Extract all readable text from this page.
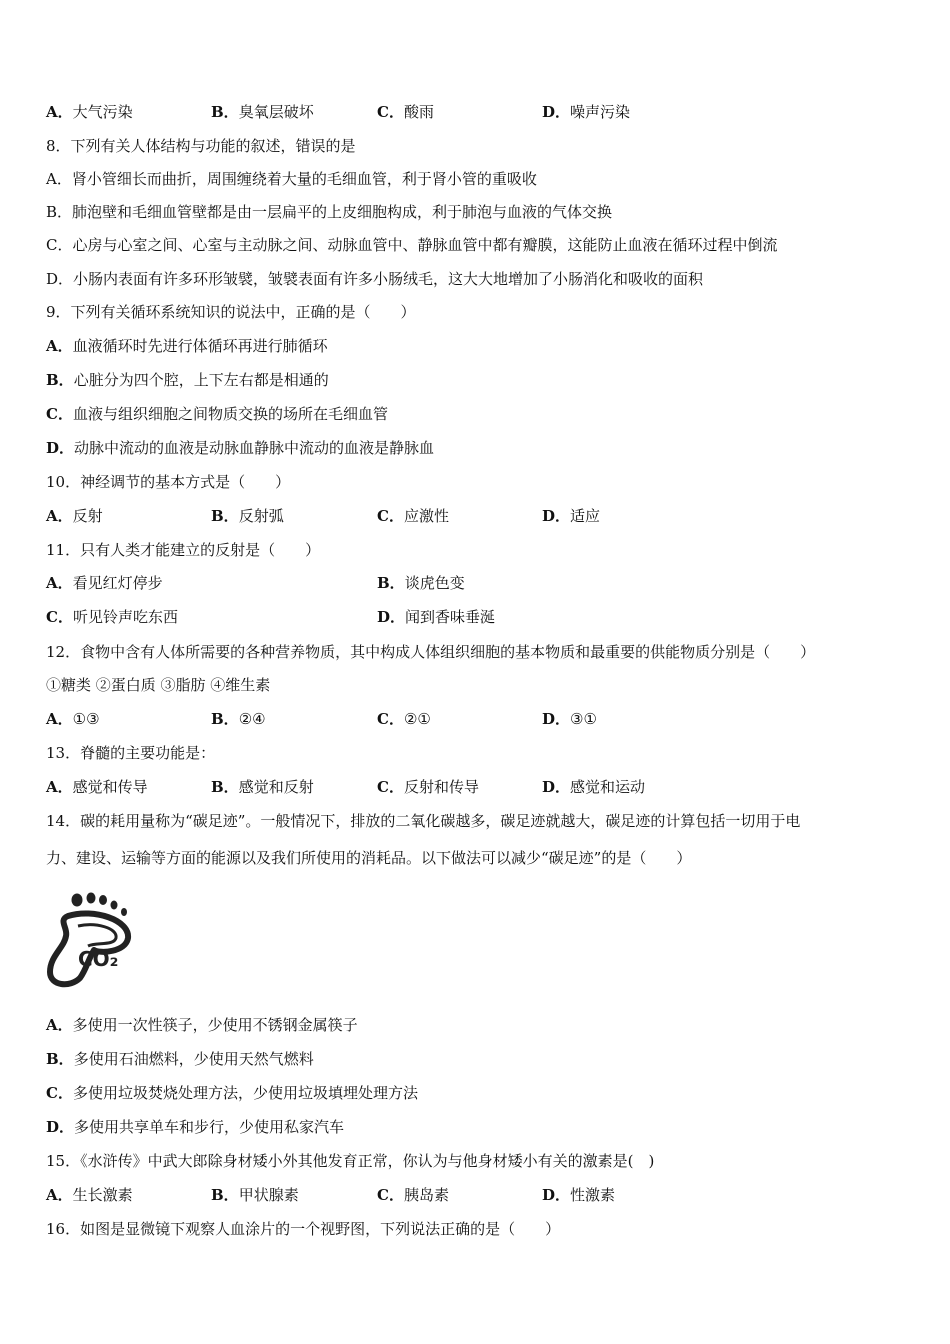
A．大气污染	B．臭氧层破坏	C．酸雨	D．噪声污染
8．下列有关人体结构与功能的叙述，错误的是
A．肾小管细长而曲折，周围缠绕着大量的毛细血管，利于肾小管的重吸收
B．肺泡壁和毛细血管壁都是由一层扁平的上皮细胞构成，利于肺泡与血液的气体交换
C．心房与心室之间、心室与主动脉之间、动脉血管中、静脉血管中都有瓣膜，这能防止血液在循环过程中倒流
D．小肠内表面有许多环形皱襞，皱襞表面有许多小肠绒毛，这大大地增加了小肠消化和吸收的面积
9．下列有关循环系统知识的说法中，正确的是（　　）
A．血液循环时先进行体循环再进行肺循环
B．心脏分为四个腔，上下左右都是相通的
C．血液与组织细胞之间物质交换的场所在毛细血管
D．动脉中流动的血液是动脉血静脉中流动的血液是静脉血
10．神经调节的基本方式是（　　）
A．反射	B．反射弧	C．应激性	D．适应
11．只有人类才能建立的反射是（　　）
A．看见红灯停步	B．谈虎色变
C．听见铃声吃东西	D．闻到香味垂涎
12．食物中含有人体所需要的各种营养物质，其中构成人体组织细胞的基本物质和最重要的供能物质分别是（　　）
①糖类 ②蛋白质 ③脂肪 ④维生素
A．①③	B．②④	C．②①	D．③①
13．脊髓的主要功能是：
A．感觉和传导	B．感觉和反射	C．反射和传导	D．感觉和运动
14．碳的耗用量称为“碳足迹”。一般情况下，排放的二氧化碳越多，碳足迹就越大，碳足迹的计算包括一切用于电
力、建设、运输等方面的能源以及我们所使用的消耗品。以下做法可以减少“碳足迹”的是（　　）
CO₂
A．多使用一次性筷子，少使用不锈钢金属筷子
B．多使用石油燃料，少使用天然气燃料
C．多使用垃圾焚烧处理方法，少使用垃圾填埋处理方法
D．多使用共享单车和步行，少使用私家汽车
15．《水浒传》中武大郎除身材矮小外其他发育正常，你认为与他身材矮小有关的激素是(　)
A．生长激素	B．甲状腺素	C．胰岛素	D．性激素
16．如图是显微镜下观察人血涂片的一个视野图，下列说法正确的是（　　）
